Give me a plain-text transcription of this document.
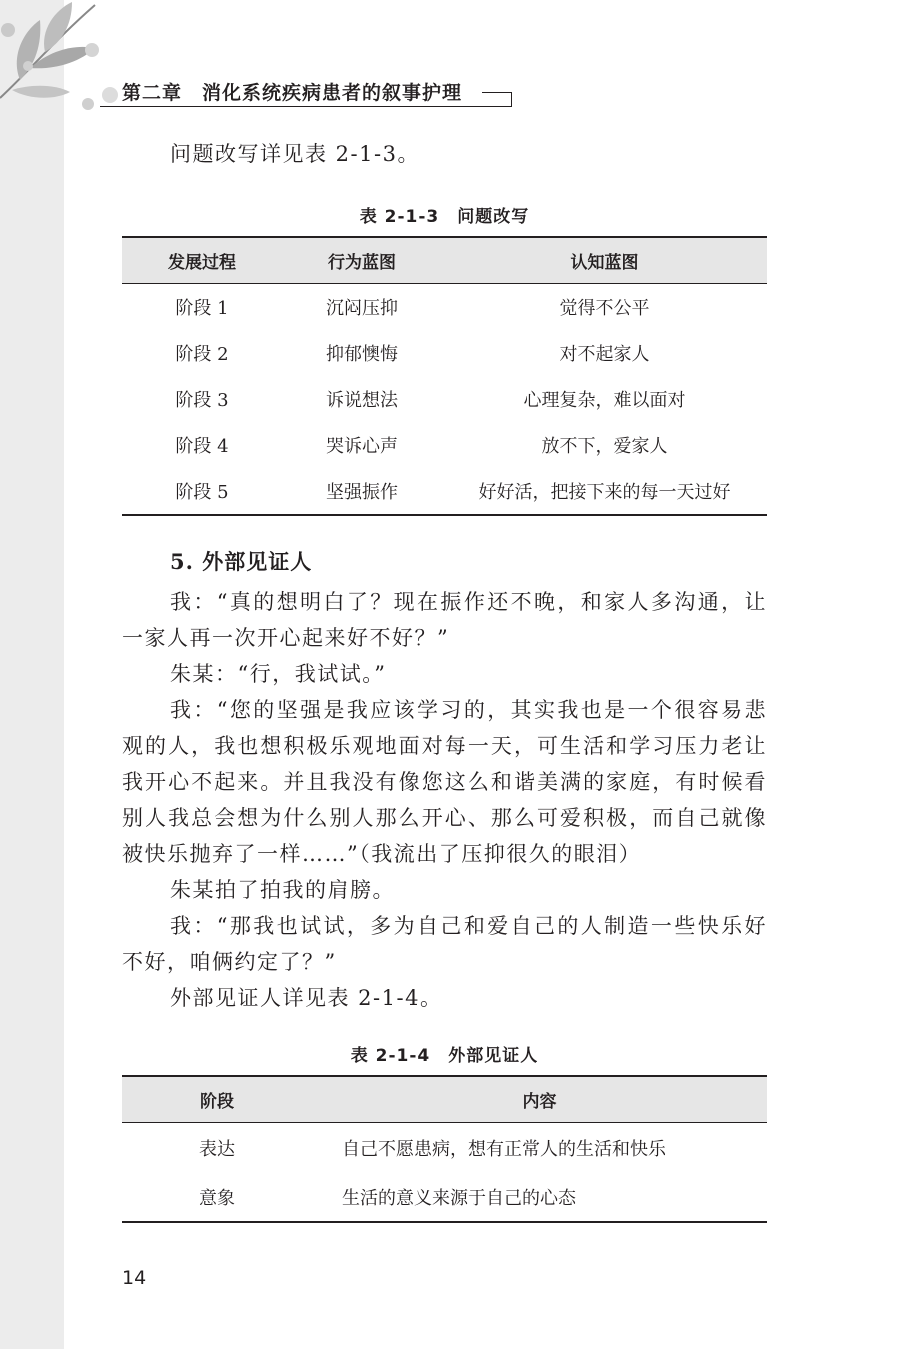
第二章　消化系统疾病患者的叙事护理
问题改写详见表 2-1-3。
表 2-1-3　问题改写
发展过程	行为蓝图	认知蓝图
阶段 1	沉闷压抑	觉得不公平
阶段 2	抑郁懊悔	对不起家人
阶段 3	诉说想法	心理复杂，难以面对
阶段 4	哭诉心声	放不下，爱家人
阶段 5	坚强振作	好好活，把接下来的每一天过好
5. 外部见证人
我：“真的想明白了？现在振作还不晚，和家人多沟通，让一家人再一次开心起来好不好？”
朱某：“行，我试试。”
我：“您的坚强是我应该学习的，其实我也是一个很容易悲观的人，我也想积极乐观地面对每一天，可生活和学习压力老让我开心不起来。并且我没有像您这么和谐美满的家庭，有时候看别人我总会想为什么别人那么开心、那么可爱积极，而自己就像被快乐抛弃了一样……”（我流出了压抑很久的眼泪）
朱某拍了拍我的肩膀。
我：“那我也试试，多为自己和爱自己的人制造一些快乐好不好，咱俩约定了？”
外部见证人详见表 2-1-4。
表 2-1-4　外部见证人
阶段	内容
表达	自己不愿患病，想有正常人的生活和快乐
意象	生活的意义来源于自己的心态
14
